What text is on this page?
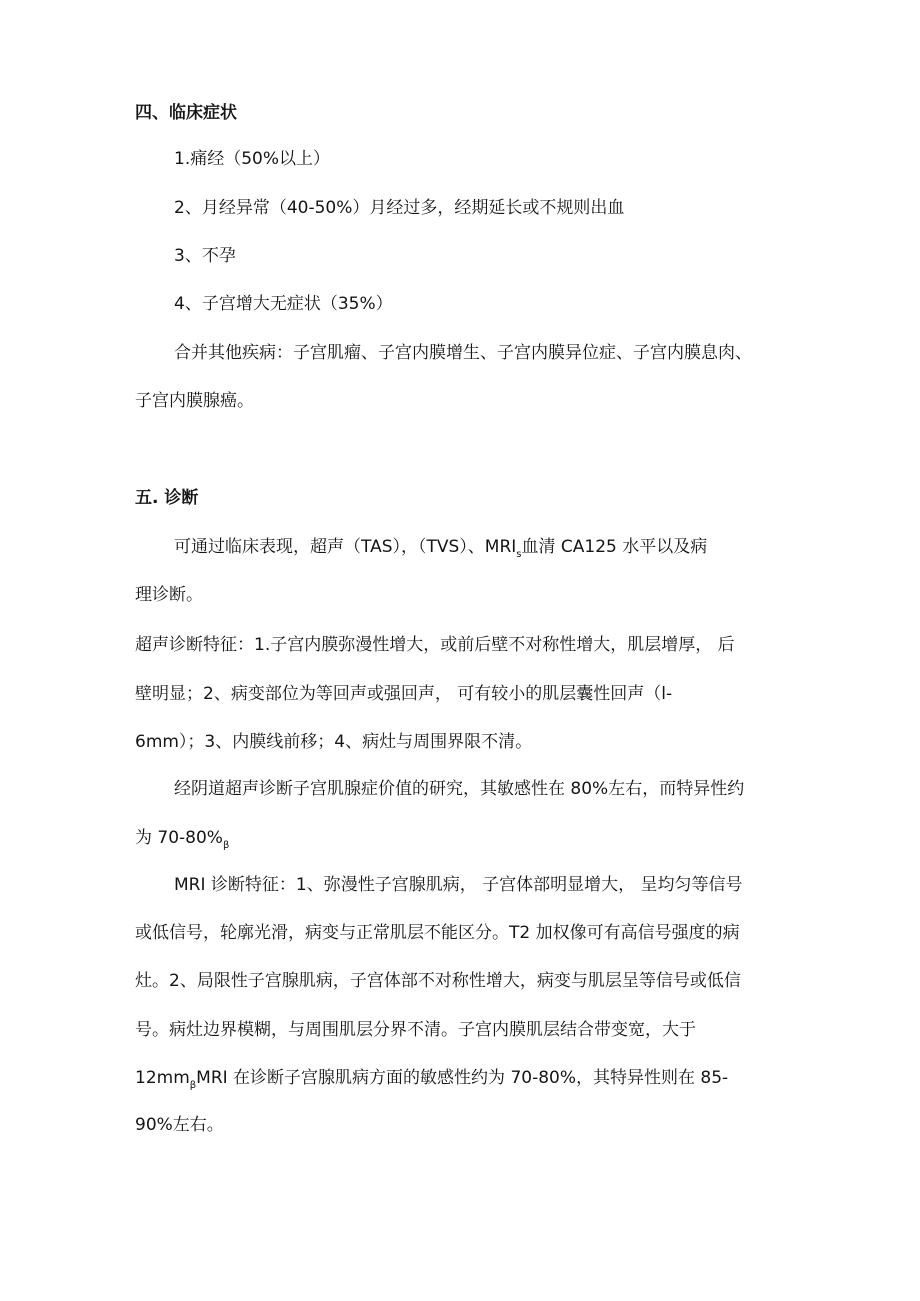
四、临床症状
1.痛经（50%以上）
2、月经异常（40-50%）月经过多，经期延长或不规则出血
3、不孕
4、子宫增大无症状（35%）
合并其他疾病：子宫肌瘤、子宫内膜增生、子宫内膜异位症、子宫内膜息肉、
子宫内膜腺癌。
五. 诊断
可通过临床表现，超声（TAS），（TVS）、$MRI_s$血清 CA125 水平以及病
理诊断。
超声诊断特征：1.子宫内膜弥漫性增大，或前后壁不对称性增大，肌层增厚， 后
壁明显；2、病变部位为等回声或强回声， 可有较小的肌层囊性回声（l-
6mm）；3、内膜线前移；4、病灶与周围界限不清。
经阴道超声诊断子宫肌腺症价值的研究，其敏感性在 80%左右，而特异性约
为 $70-80\%_\beta$
MRI 诊断特征：1、弥漫性子宫腺肌病， 子宫体部明显增大， 呈均匀等信号
或低信号，轮廓光滑，病变与正常肌层不能区分。T2 加权像可有高信号强度的病
灶。2、局限性子宫腺肌病，子宫体部不对称性增大，病变与肌层呈等信号或低信
号。病灶边界模糊，与周围肌层分界不清。子宫内膜肌层结合带变宽，大于
$12mm_\beta MRI$ 在诊断子宫腺肌病方面的敏感性约为 70-80%，其特异性则在 85-
90%左右。
